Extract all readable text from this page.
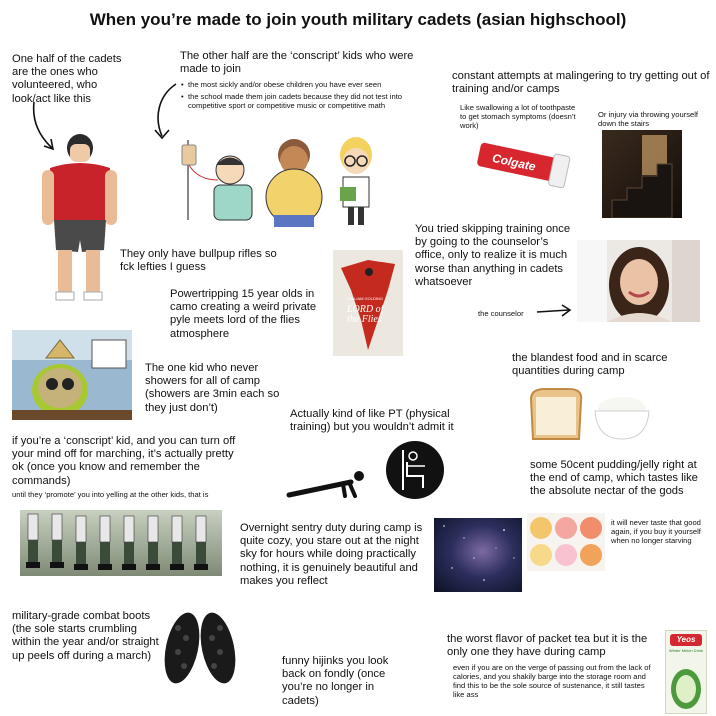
When you’re made to join youth military cadets (asian highschool)
One half of the cadets are the ones who volunteered, who look/act like this
The other half are the ‘conscript’ kids who were made to join
• the most sickly and/or obese children you have ever seen
• the school made them join cadets because they did not test into competitive sport or competitive music or competitive math
constant attempts at malingering to try getting out of training and/or camps
Like swallowing a lot of toothpaste to get stomach symptoms (doesn’t work)
Or injury via throwing yourself down the stairs
Colgate
You tried skipping training once by going to the counselor’s office, only to realize it is much worse than anything in cadets whatsoever
the counselor
They only have bullpup rifles so fck lefties I guess
Powertripping 15 year olds in camo creating a weird private pyle meets lord of the flies atmosphere
WILLIAM GOLDING
LORD of the Flies
The one kid who never showers for all of camp (showers are 3min each so they just don’t)
the blandest food and in scarce quantities during camp
Actually kind of like PT (physical training) but you wouldn’t admit it
if you’re a ‘conscript’ kid, and you can turn off your mind off for marching, it’s actually pretty ok (once you know and remember the commands)
until they ‘promote’ you into yelling at the other kids, that is
some 50cent pudding/jelly right at the end of camp, which tastes like the absolute nectar of the gods
it will never taste that good again, if you buy it yourself when no longer starving
Overnight sentry duty during camp is quite cozy, you stare out at the night sky for hours while doing practically nothing, it is genuinely beautiful and makes you reflect
military-grade combat boots (the sole starts crumbling within the year and/or straight up peels off during a march)	funny hijinks you look back on fondly (once you’re no longer in cadets)
the worst flavor of packet tea but it is the only one they have during camp
even if you are on the verge of passing out from the lack of calories, and you shakily barge into the storage room and find this to be the sole source of sustenance, it still tastes like ass
Yeos
Winter Melon Drink
